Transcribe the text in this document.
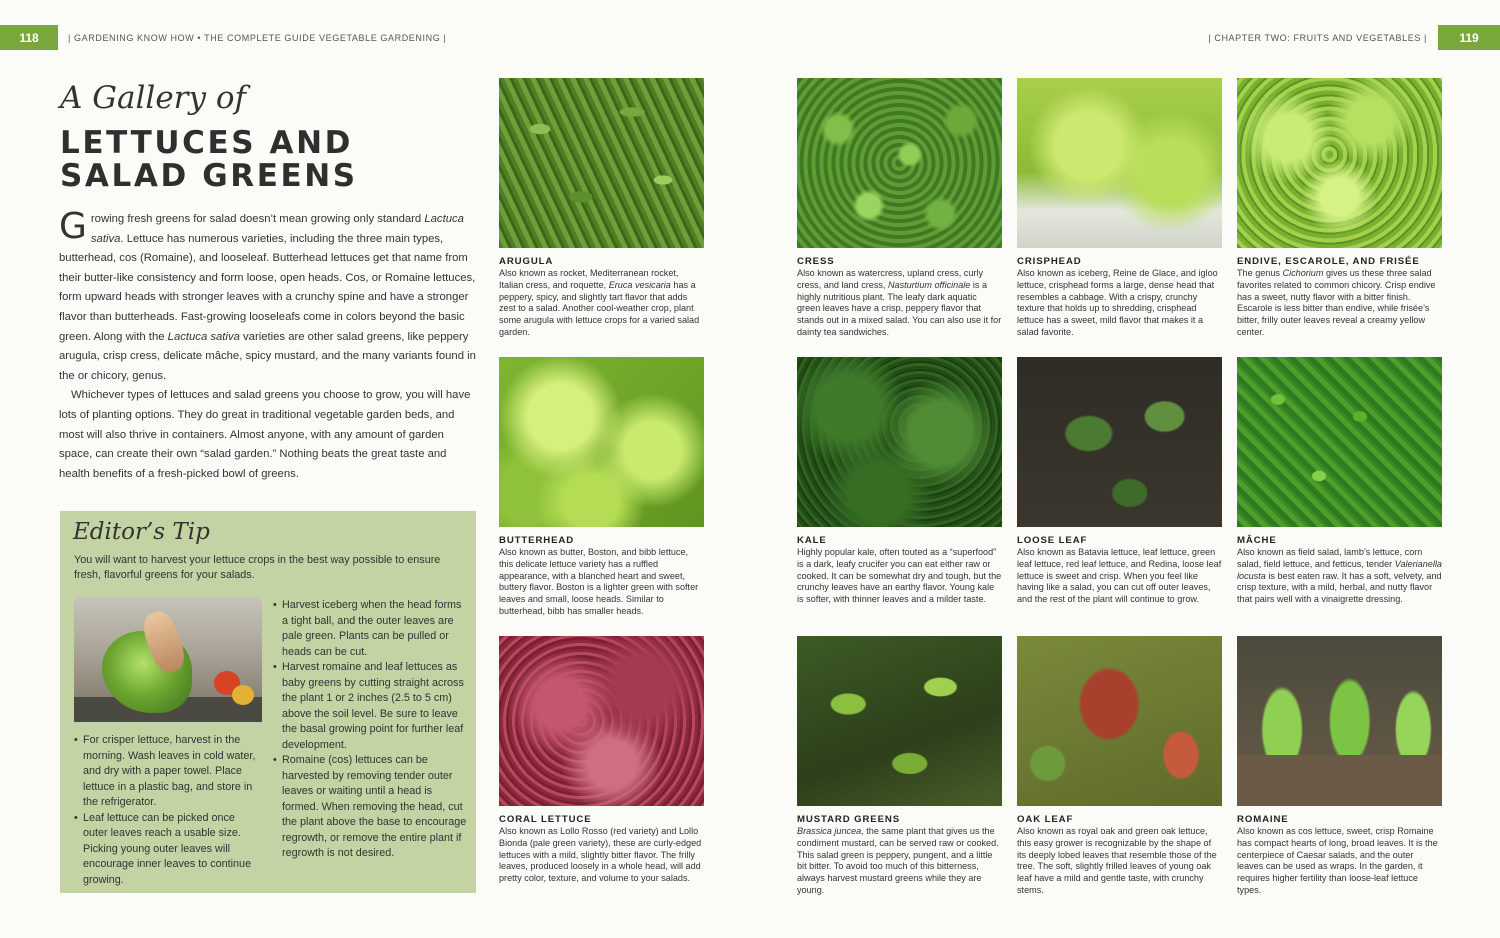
118	| GARDENING KNOW HOW • THE COMPLETE GUIDE VEGETABLE GARDENING |	| CHAPTER TWO: FRUITS AND VEGETABLES |	119
A Gallery of
LETTUCES AND
SALAD GREENS

Growing fresh greens for salad doesn’t mean growing only standard Lactuca sativa. Lettuce has numerous varieties, including the three main types, butterhead, cos (Romaine), and looseleaf. Butterhead lettuces get that name from their butter-like consistency and form loose, open heads. Cos, or Romaine lettuces, form upward heads with stronger leaves with a crunchy spine and have a stronger flavor than butterheads. Fast-growing looseleafs come in colors beyond the basic green. Along with the Lactuca sativa varieties are other salad greens, like peppery arugula, crisp cress, delicate mâche, spicy mustard, and the many variants found in the or chicory, genus.

Whichever types of lettuces and salad greens you choose to grow, you will have lots of planting options. They do great in traditional vegetable garden beds, and most will also thrive in containers. Almost anyone, with any amount of garden space, can create their own “salad garden.” Nothing beats the great taste and health benefits of a fresh-picked bowl of greens.

Editor’s Tip
You will want to harvest your lettuce crops in the best way possible to ensure fresh, flavorful greens for your salads.
• Harvest iceberg when the head forms a tight ball, and the outer leaves are pale green. Plants can be pulled or heads can be cut.
• Harvest romaine and leaf lettuces as baby greens by cutting straight across the plant 1 or 2 inches (2.5 to 5 cm) above the soil level. Be sure to leave the basal growing point for further leaf development.
• Romaine (cos) lettuces can be harvested by removing tender outer leaves or waiting until a head is formed. When removing the head, cut the plant above the base to encourage regrowth, or remove the entire plant if regrowth is not desired.
• For crisper lettuce, harvest in the morning. Wash leaves in cold water, and dry with a paper towel. Place lettuce in a plastic bag, and store in the refrigerator.
• Leaf lettuce can be picked once outer leaves reach a usable size. Picking young outer leaves will encourage inner leaves to continue growing.
ARUGULA
Also known as rocket, Mediterranean rocket, Italian cress, and roquette, Eruca vesicaria has a peppery, spicy, and slightly tart flavor that adds zest to a salad. Another cool-weather crop, plant some arugula with lettuce crops for a varied salad garden.
BUTTERHEAD
Also known as butter, Boston, and bibb lettuce, this delicate lettuce variety has a ruffled appearance, with a blanched heart and sweet, buttery flavor. Boston is a lighter green with softer leaves and small, loose heads. Similar to butterhead, bibb has smaller heads.
CORAL LETTUCE
Also known as Lollo Rosso (red variety) and Lollo Bionda (pale green variety), these are curly-edged lettuces with a mild, slightly bitter flavor. The frilly leaves, produced loosely in a whole head, will add pretty color, texture, and volume to your salads.
CRESS
Also known as watercress, upland cress, curly cress, and land cress, Nasturtium officinale is a highly nutritious plant. The leafy dark aquatic green leaves have a crisp, peppery flavor that stands out in a mixed salad. You can also use it for dainty tea sandwiches.
KALE
Highly popular kale, often touted as a “superfood” is a dark, leafy crucifer you can eat either raw or cooked. It can be somewhat dry and tough, but the crunchy leaves have an earthy flavor. Young kale is softer, with thinner leaves and a milder taste.
MUSTARD GREENS
Brassica juncea, the same plant that gives us the condiment mustard, can be served raw or cooked. This salad green is peppery, pungent, and a little bit bitter. To avoid too much of this bitterness, always harvest mustard greens while they are young.
CRISPHEAD
Also known as iceberg, Reine de Glace, and igloo lettuce, crisphead forms a large, dense head that resembles a cabbage. With a crispy, crunchy texture that holds up to shredding, crisphead lettuce has a sweet, mild flavor that makes it a salad favorite.
LOOSE LEAF
Also known as Batavia lettuce, leaf lettuce, green leaf lettuce, red leaf lettuce, and Redina, loose leaf lettuce is sweet and crisp. When you feel like having like a salad, you can cut off outer leaves, and the rest of the plant will continue to grow.
OAK LEAF
Also known as royal oak and green oak lettuce, this easy grower is recognizable by the shape of its deeply lobed leaves that resemble those of the tree. The soft, slightly frilled leaves of young oak leaf have a mild and gentle taste, with crunchy stems.
ENDIVE, ESCAROLE, AND FRISÉE
The genus Cichorium gives us these three salad favorites related to common chicory. Crisp endive has a sweet, nutty flavor with a bitter finish. Escarole is less bitter than endive, while frisée’s bitter, frilly outer leaves reveal a creamy yellow center.
MÂCHE
Also known as field salad, lamb’s lettuce, corn salad, field lettuce, and fetticus, tender Valerianella locusta is best eaten raw. It has a soft, velvety, and crisp texture, with a mild, herbal, and nutty flavor that pairs well with a vinaigrette dressing.
ROMAINE
Also known as cos lettuce, sweet, crisp Romaine has compact hearts of long, broad leaves. It is the centerpiece of Caesar salads, and the outer leaves can be used as wraps. In the garden, it requires higher fertility than loose-leaf lettuce types.
